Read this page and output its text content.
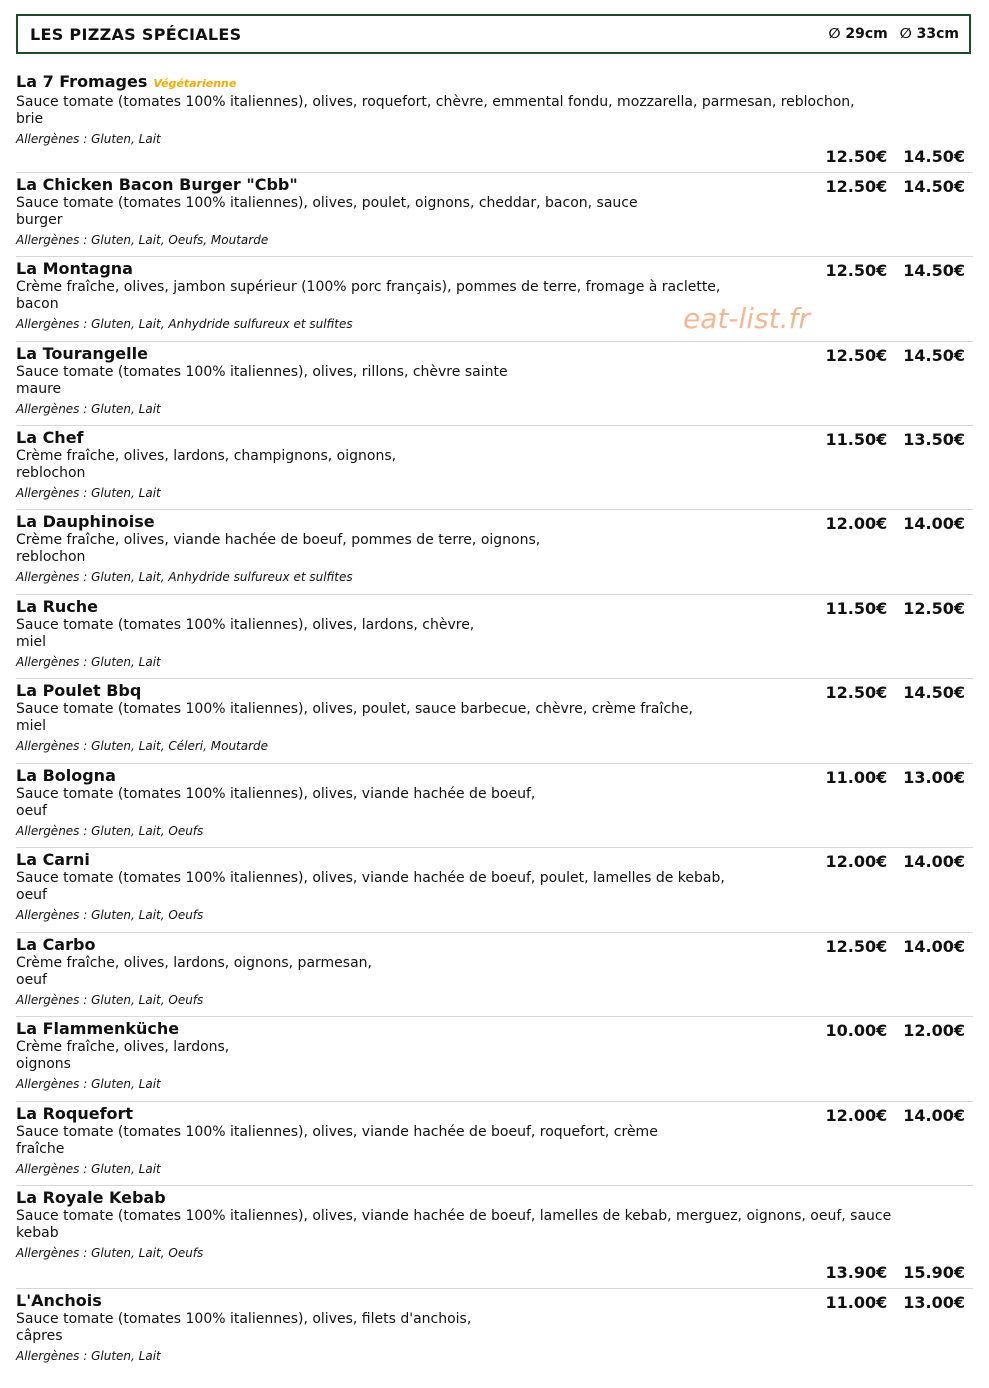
LES PIZZAS SPÉCIALES	∅ 29cm ∅ 33cm
La 7 Fromages Végétarienne
Sauce tomate (tomates 100% italiennes), olives, roquefort, chèvre, emmental fondu, mozzarella, parmesan, reblochon, brie
Allergènes : Gluten, Lait
12.50€ 14.50€
La Chicken Bacon Burger "Cbb"
Sauce tomate (tomates 100% italiennes), olives, poulet, oignons, cheddar, bacon, sauce burger
Allergènes : Gluten, Lait, Oeufs, Moutarde
12.50€ 14.50€
La Montagna
Crème fraîche, olives, jambon supérieur (100% porc français), pommes de terre, fromage à raclette, bacon
Allergènes : Gluten, Lait, Anhydride sulfureux et sulfites
12.50€ 14.50€
La Tourangelle
Sauce tomate (tomates 100% italiennes), olives, rillons, chèvre sainte maure
Allergènes : Gluten, Lait
12.50€ 14.50€
La Chef
Crème fraîche, olives, lardons, champignons, oignons, reblochon
Allergènes : Gluten, Lait
11.50€ 13.50€
La Dauphinoise
Crème fraîche, olives, viande hachée de boeuf, pommes de terre, oignons, reblochon
Allergènes : Gluten, Lait, Anhydride sulfureux et sulfites
12.00€ 14.00€
La Ruche
Sauce tomate (tomates 100% italiennes), olives, lardons, chèvre, miel
Allergènes : Gluten, Lait
11.50€ 12.50€
La Poulet Bbq
Sauce tomate (tomates 100% italiennes), olives, poulet, sauce barbecue, chèvre, crème fraîche, miel
Allergènes : Gluten, Lait, Céleri, Moutarde
12.50€ 14.50€
La Bologna
Sauce tomate (tomates 100% italiennes), olives, viande hachée de boeuf, oeuf
Allergènes : Gluten, Lait, Oeufs
11.00€ 13.00€
La Carni
Sauce tomate (tomates 100% italiennes), olives, viande hachée de boeuf, poulet, lamelles de kebab, oeuf
Allergènes : Gluten, Lait, Oeufs
12.00€ 14.00€
La Carbo
Crème fraîche, olives, lardons, oignons, parmesan, oeuf
Allergènes : Gluten, Lait, Oeufs
12.50€ 14.00€
La Flammenküche
Crème fraîche, olives, lardons, oignons
Allergènes : Gluten, Lait
10.00€ 12.00€
La Roquefort
Sauce tomate (tomates 100% italiennes), olives, viande hachée de boeuf, roquefort, crème fraîche
Allergènes : Gluten, Lait
12.00€ 14.00€
La Royale Kebab
Sauce tomate (tomates 100% italiennes), olives, viande hachée de boeuf, lamelles de kebab, merguez, oignons, oeuf, sauce kebab
Allergènes : Gluten, Lait, Oeufs
13.90€ 15.90€
L'Anchois
Sauce tomate (tomates 100% italiennes), olives, filets d'anchois, câpres
Allergènes : Gluten, Lait
11.00€ 13.00€
eat-list.fr
